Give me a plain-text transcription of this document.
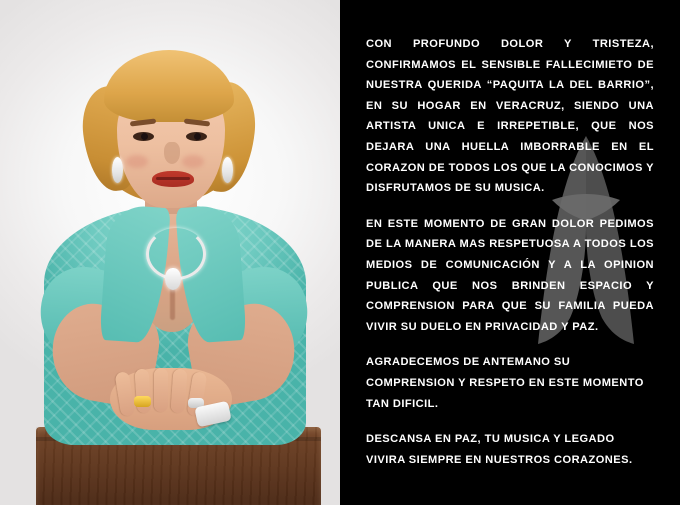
CON PROFUNDO DOLOR Y TRISTEZA, CONFIRMAMOS EL SENSIBLE FALLECIMIETO DE NUESTRA QUERIDA “PAQUITA LA DEL BARRIO”, EN SU HOGAR EN VERACRUZ, SIENDO UNA ARTISTA UNICA E IRREPETIBLE, QUE NOS DEJARA UNA HUELLA IMBORRABLE EN EL CORAZON DE TODOS LOS QUE LA CONOCIMOS Y DISFRUTAMOS DE SU MUSICA.

EN ESTE MOMENTO DE GRAN DOLOR PEDIMOS DE LA MANERA MAS RESPETUOSA A TODOS LOS MEDIOS DE COMUNICACIÓN Y A LA OPINION PUBLICA QUE NOS BRINDEN ESPACIO Y COMPRENSION PARA QUE SU FAMILIA PUEDA VIVIR SU DUELO EN PRIVACIDAD Y PAZ.

AGRADECEMOS DE ANTEMANO SU COMPRENSION Y RESPETO EN ESTE MOMENTO TAN DIFICIL.

DESCANSA EN PAZ, TU MUSICA Y LEGADO VIVIRA SIEMPRE EN NUESTROS CORAZONES.
